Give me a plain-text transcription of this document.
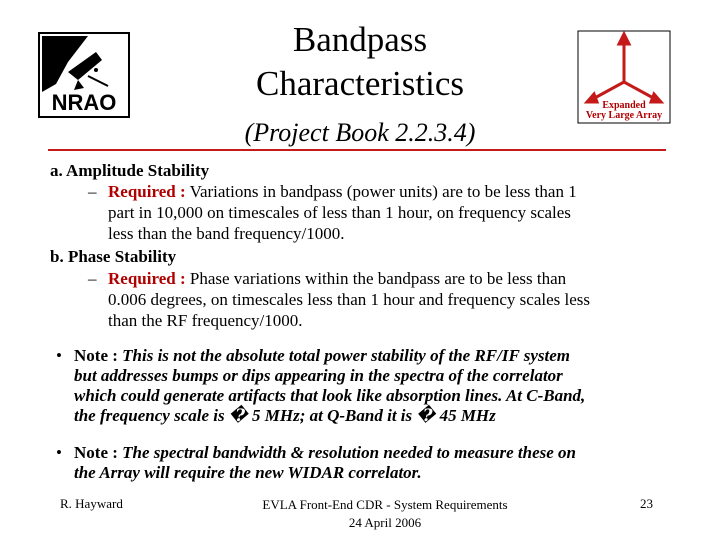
NRAO	Expanded
Very Large Array
Bandpass
Characteristics
(Project Book 2.2.3.4)
a. Amplitude Stability
– Required : Variations in bandpass (power units) are to be less than 1
part in 10,000 on timescales of less than 1 hour, on frequency scales
less than the band frequency/1000.
b. Phase Stability
– Required : Phase variations within the bandpass are to be less than
0.006 degrees, on timescales less than 1 hour and frequency scales less
than the RF frequency/1000.
• Note : This is not the absolute total power stability of the RF/IF system
but addresses bumps or dips appearing in the spectra of the correlator
which could generate artifacts that look like absorption lines. At C-Band,
the frequency scale is � 5 MHz; at Q-Band it is � 45 MHz
• Note : The spectral bandwidth & resolution needed to measure these on
the Array will require the new WIDAR correlator.
R. Hayward	EVLA Front-End CDR - System Requirements
24 April 2006
23
